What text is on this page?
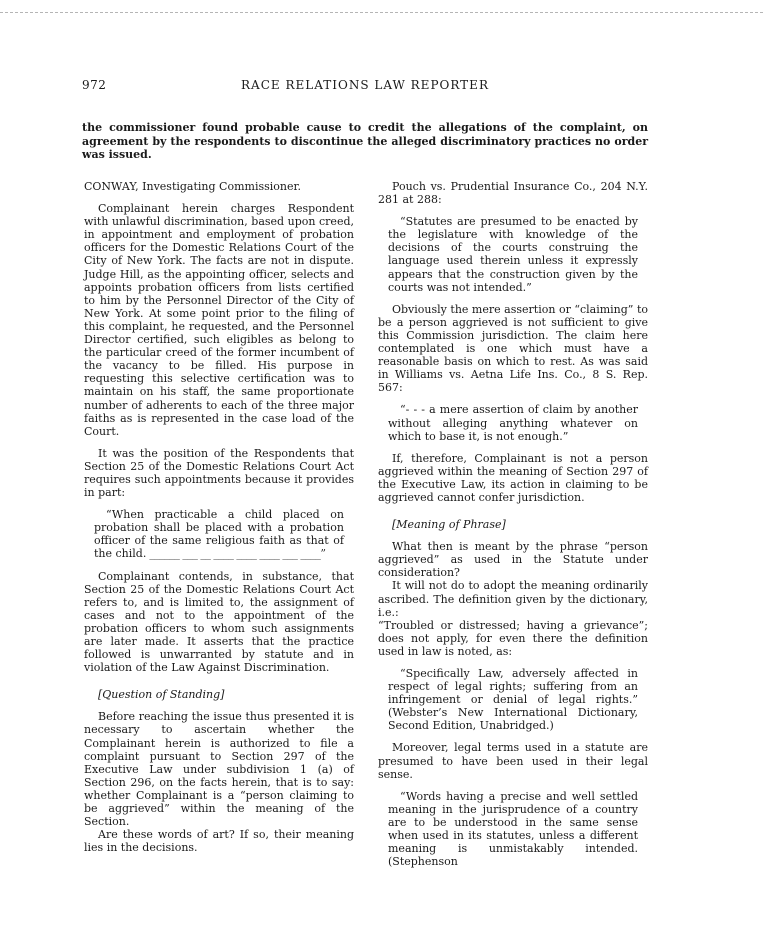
972	RACE RELATIONS LAW REPORTER
the commissioner found probable cause to credit the allegations of the complaint, on agreement by the respondents to discontinue the alleged discriminatory practices no order was issued.

CONWAY, Investigating Commissioner.

Complainant herein charges Respondent with unlawful discrimination, based upon creed, in appointment and employment of probation officers for the Domestic Relations Court of the City of New York. The facts are not in dispute. Judge Hill, as the appointing officer, selects and appoints probation officers from lists certified to him by the Personnel Director of the City of New York. At some point prior to the filing of this complaint, he requested, and the Personnel Director certified, such eligibles as belong to the particular creed of the former incumbent of the vacancy to be filled. His purpose in requesting this selective certification was to maintain on his staff, the same proportionate number of adherents to each of the three major faiths as is represented in the case load of the Court.

It was the position of the Respondents that Section 25 of the Domestic Relations Court Act requires such appointments because it provides in part:

“When practicable a child placed on probation shall be placed with a probation officer of the same religious faith as that of the child. ______ ___ __ ____ ____ ____ ___ ____”

Complainant contends, in substance, that Section 25 of the Domestic Relations Court Act refers to, and is limited to, the assignment of cases and not to the appointment of the probation officers to whom such assignments are later made. It asserts that the practice followed is unwarranted by statute and in violation of the Law Against Discrimination.

[Question of Standing]

Before reaching the issue thus presented it is necessary to ascertain whether the Complainant herein is authorized to file a complaint pursuant to Section 297 of the Executive Law under subdivision 1 (a) of Section 296, on the facts herein, that is to say: whether Complainant is a “person claiming to be aggrieved” within the meaning of the Section.

Are these words of art? If so, their meaning lies in the decisions.

Pouch vs. Prudential Insurance Co., 204 N.Y. 281 at 288:

“Statutes are presumed to be enacted by the legislature with knowledge of the decisions of the courts construing the language used therein unless it expressly appears that the construction given by the courts was not intended.”

Obviously the mere assertion or “claiming” to be a person aggrieved is not sufficient to give this Commission jurisdiction. The claim here contemplated is one which must have a reasonable basis on which to rest. As was said in Williams vs. Aetna Life Ins. Co., 8 S. Rep. 567:

“- - - a mere assertion of claim by another without alleging anything whatever on which to base it, is not enough.”

If, therefore, Complainant is not a person aggrieved within the meaning of Section 297 of the Executive Law, its action in claiming to be aggrieved cannot confer jurisdiction.

[Meaning of Phrase]

What then is meant by the phrase “person aggrieved” as used in the Statute under consideration?

It will not do to adopt the meaning ordinarily ascribed. The definition given by the dictionary, i.e.:

“Troubled or distressed; having a grievance”; does not apply, for even there the definition used in law is noted, as:

“Specifically Law, adversely affected in respect of legal rights; suffering from an infringement or denial of legal rights.” (Webster’s New International Dictionary, Second Edition, Unabridged.)

Moreover, legal terms used in a statute are presumed to have been used in their legal sense.

“Words having a precise and well settled meaning in the jurisprudence of a country are to be understood in the same sense when used in its statutes, unless a different meaning is unmistakably intended. (Stephenson
